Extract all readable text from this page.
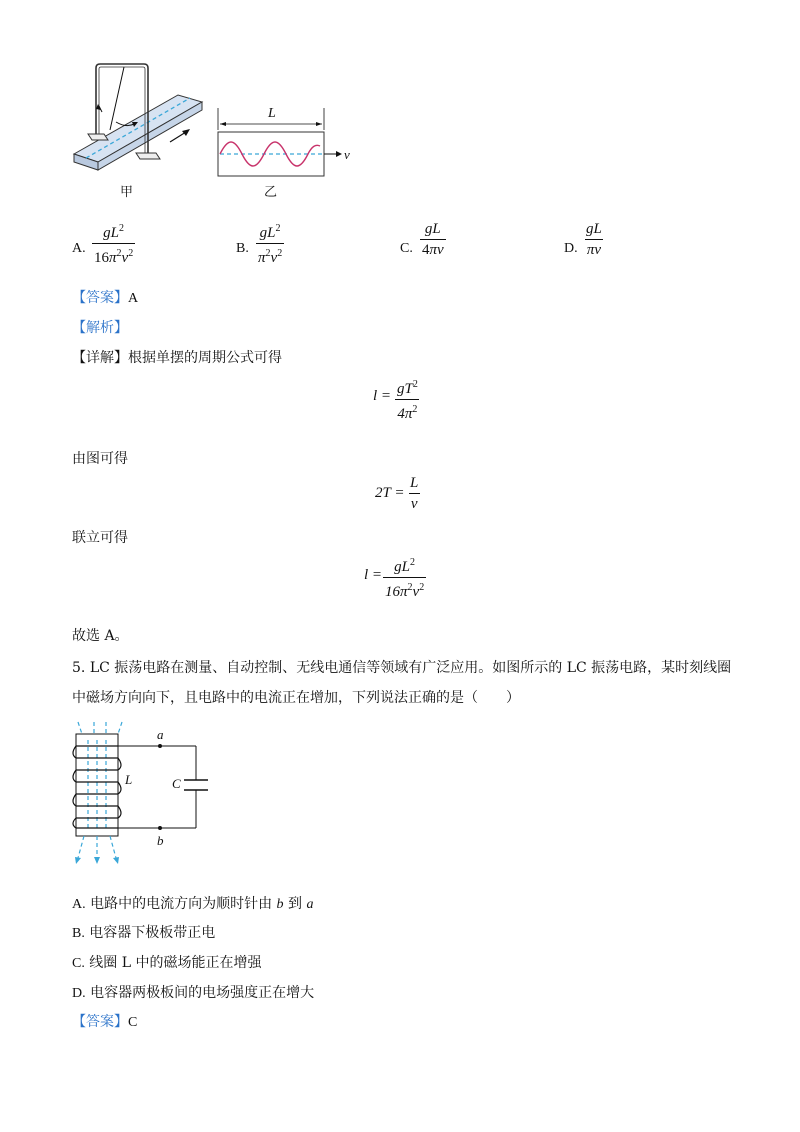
甲
L
v
乙
A. $\frac{gL^2}{16\pi^2v^2}$	B. $\frac{gL^2}{\pi^2v^2}$	C. $\frac{gL}{4\pi v}$	D. $\frac{gL}{\pi v}$
【答案】A
【解析】
【详解】根据单摆的周期公式可得
$l = \frac{gT^2}{4\pi^2}$
由图可得
$2T = \frac{L}{v}$
联立可得
$l = \frac{gL^2}{16\pi^2v^2}$
故选 A。
5. LC 振荡电路在测量、自动控制、无线电通信等领域有广泛应用。如图所示的 LC 振荡电路，某时刻线圈
中磁场方向向下，且电路中的电流正在增加，下列说法正确的是（　　）
a
b
L	C
A. 电路中的电流方向为顺时针由 b 到 a
B. 电容器下极板带正电
C. 线圈 L 中的磁场能正在增强
D. 电容器两极板间的电场强度正在增大
【答案】C
